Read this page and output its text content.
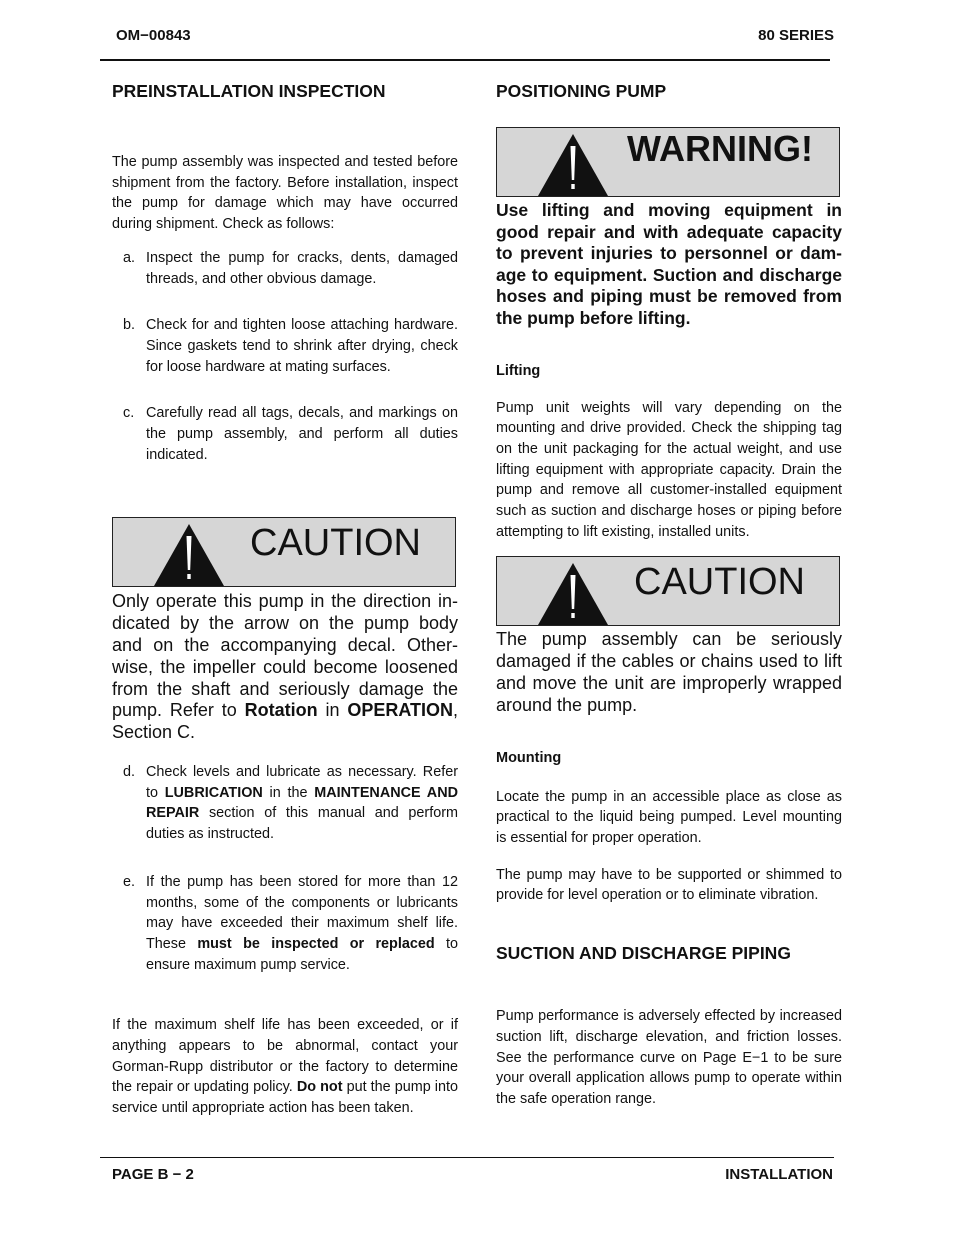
OM−00843	80 SERIES
PREINSTALLATION INSPECTION

The pump assembly was inspected and tested before shipment from the factory. Before installation, inspect the pump for damage which may have occurred during shipment. Check as follows:

a. Inspect the pump for cracks, dents, damaged threads, and other obvious damage.

b. Check for and tighten loose attaching hardware. Since gaskets tend to shrink after drying, check for loose hardware at mating surfaces.

c. Carefully read all tags, decals, and markings on the pump assembly, and perform all duties indicated.

CAUTION

Only operate this pump in the direction indicated by the arrow on the pump body and on the accompanying decal. Otherwise, the impeller could become loosened from the shaft and seriously damage the pump. Refer to Rotation in OPERATION, Section C.

d. Check levels and lubricate as necessary. Refer to LUBRICATION in the MAINTENANCE AND REPAIR section of this manual and perform duties as instructed.

e. If the pump has been stored for more than 12 months, some of the components or lubricants may have exceeded their maximum shelf life. These must be inspected or replaced to ensure maximum pump service.

If the maximum shelf life has been exceeded, or if anything appears to be abnormal, contact your Gorman-Rupp distributor or the factory to determine the repair or updating policy. Do not put the pump into service until appropriate action has been taken.

POSITIONING PUMP
WARNING!

Use lifting and moving equipment in good repair and with adequate capacity to prevent injuries to personnel or damage to equipment. Suction and discharge hoses and piping must be removed from the pump before lifting.

Lifting

Pump unit weights will vary depending on the mounting and drive provided. Check the shipping tag on the unit packaging for the actual weight, and use lifting equipment with appropriate capacity. Drain the pump and remove all customer-installed equipment such as suction and discharge hoses or piping before attempting to lift existing, installed units.

CAUTION

The pump assembly can be seriously damaged if the cables or chains used to lift and move the unit are improperly wrapped around the pump.

Mounting

Locate the pump in an accessible place as close as practical to the liquid being pumped. Level mounting is essential for proper operation.

The pump may have to be supported or shimmed to provide for level operation or to eliminate vibration.

SUCTION AND DISCHARGE PIPING

Pump performance is adversely effected by increased suction lift, discharge elevation, and friction losses. See the performance curve on Page E−1 to be sure your overall application allows pump to operate within the safe operation range.

PAGE B − 2	INSTALLATION
